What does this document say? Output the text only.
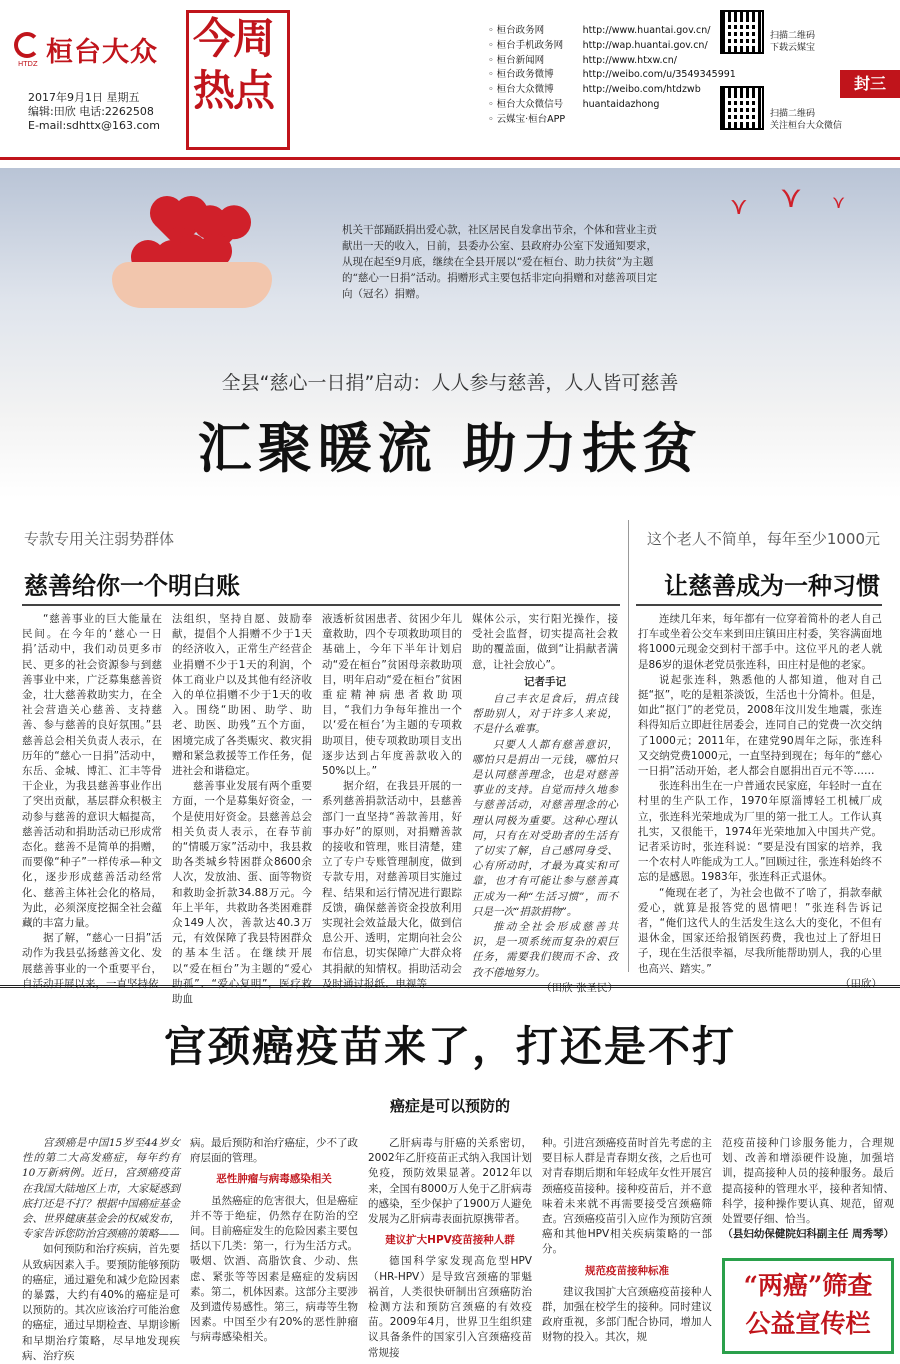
桓台大众
HTDZ
2017年9月1日 星期五
编辑:田欣 电话:2262508
E-mail:sdhttx@163.com
今周
热点
◦ 桓台政务网	http://www.huantai.gov.cn/
◦ 桓台手机政务网	http://wap.huantai.gov.cn/
◦ 桓台新闻网	http://www.htxw.cn/
◦ 桓台政务微博	http://weibo.com/u/3549345991
◦ 桓台大众微博	http://weibo.com/htdzwb
◦ 桓台大众微信号	huantaidazhong
◦ 云媒宝·桓台APP
扫描二维码
下载云媒宝
扫描二维码
关注桓台大众微信
封三
⋎ ⋎ ⋎
机关干部踊跃捐出爱心款，社区居民自发拿出节余，个体和营业主贡献出一天的收入，日前，县委办公室、县政府办公室下发通知要求，从现在起至9月底，继续在全县开展以“爱在桓台、助力扶贫”为主题的“慈心一日捐”活动。捐赠形式主要包括非定向捐赠和对慈善项目定向（冠名）捐赠。
全县“慈心一日捐”启动：人人参与慈善，人人皆可慈善
汇聚暖流 助力扶贫
专款专用关注弱势群体
慈善给你一个明白账

“慈善事业的巨大能量在民间。在今年的‘慈心一日捐’活动中，我们动员更多市民、更多的社会资源参与到慈善事业中来，广泛募集慈善资金，壮大慈善救助实力，在全社会营造关心慈善、支持慈善、参与慈善的良好氛围。”县慈善总会相关负责人表示，在历年的“慈心一日捐”活动中，东岳、金城、博汇、汇丰等骨干企业，为我县慈善事业作出了突出贡献，基层群众积极主动参与慈善的意识大幅提高，慈善活动和捐助活动已形成常态化。慈善不是简单的捐赠，而要像“种子”一样传承—种文化，逐步形成慈善活动经常化、慈善主体社会化的格局，为此，必须深度挖掘全社会蕴藏的丰富力量。

据了解，“慈心一日捐”活动作为我县弘扬慈善文化、发展慈善事业的一个重要平台，自活动开展以来，一直坚持依

法组织，坚持自愿、鼓励奉献，提倡个人捐赠不少于1天的经济收入，正常生产经营企业捐赠不少于1天的利润，个体工商业户以及其他有经济收入的单位捐赠不少于1天的收入。围绕“助困、助学、助老、助医、助残”五个方面，困境完成了各类赈灾、救灾捐赠和紧急救援等工作任务，促进社会和谐稳定。

慈善事业发展有两个重要方面，一个是募集好资金，一个是使用好资金。县慈善总会相关负责人表示，在春节前的“情暖万家”活动中，我县救助各类城乡特困群众8600余人次，发放油、蛋、面等物资和救助金折款34.88万元。今年上半年，共救助各类困难群众149人次，善款达40.3万元，有效保障了我县特困群众的基本生活。在继续开展以“爱在桓台”为主题的“爱心助孤”、“爱心复明”，医疗救助血

液透析贫困患者、贫困少年儿童救助，四个专项救助项目的基础上，今年下半年计划启动“爱在桓台”贫困母亲救助项目，明年启动“爱在桓台”贫困重症精神病患者救助项目，“我们力争每年推出一个以‘爱在桓台’为主题的专项救助项目，使专项救助项目支出逐步达到占年度善款收入的50%以上。”

据介绍，在我县开展的一系列慈善捐款活动中，县慈善部门一直坚持“善款善用，好事办好”的原则，对捐赠善款的接收和管理，账目清楚，建立了专户专账管理制度，做到专款专用，对慈善项目实施过程、结果和运行情况进行跟踪反馈，确保慈善资金投放利用实现社会效益最大化，做到信息公开、透明，定期向社会公布信息，切实保障广大群众将其捐献的知情权。捐助活动会及时通过报纸、电视等

媒体公示，实行阳光操作，接受社会监督，切实提高社会救助的覆盖面，做到“让捐献者满意，让社会放心”。

记者手记

自己丰衣足食后，捐点钱帮助别人，对于许多人来说，不是什么难事。

只要人人都有慈善意识，哪怕只是捐出一元钱，哪怕只是认同慈善理念，也是对慈善事业的支持。自觉而持久地参与慈善活动，对慈善理念的心理认同极为重要。这种心理认同，只有在对受助者的生活有了切实了解，自己感同身受、心有所动时，才最为真实和可靠，也才有可能让参与慈善真正成为一种“生活习惯”，而不只是一次“捐款捐物”。

推动全社会形成慈善共识，是一项系统而复杂的艰巨任务，需要我们锲而不舍、孜孜不倦地努力。

（田欣 张圣民）

这个老人不简单，每年至少1000元
让慈善成为一种习惯

连续几年来，每年都有一位穿着简朴的老人自己打车或坐着公交车来到田庄镇田庄村委，笑容满面地将1000元现金交到村干部手中。这位平凡的老人就是86岁的退休老党员张连科，田庄村是他的老家。

说起张连科，熟悉他的人都知道，他对自己挺“抠”，吃的是粗茶淡饭，生活也十分简朴。但是，如此“抠门”的老党员，2008年汶川发生地震，张连科得知后立即赶往居委会，连同自己的党费一次交纳了1000元；2011年，在建党90周年之际，张连科又交纳党费1000元，一直坚持到现在；每年的“慈心一日捐”活动开始，老人都会自愿捐出百元不等……

张连科出生在一户普通农民家庭，年轻时一直在村里的生产队工作，1970年原淄博轻工机械厂成立，张连科光荣地成为厂里的第一批工人。工作认真扎实，又很能干，1974年光荣地加入中国共产党。记者采访时，张连科说：“要是没有国家的培养，我一个农村人咋能成为工人。”回顾过往，张连科始终不忘的是感恩。1983年，张连科正式退休。

“俺现在老了，为社会也做不了啥了，捐款奉献爱心，就算是报答党的恩情吧！”张连科告诉记者，“俺们这代人的生活发生这么大的变化，不但有退休金，国家还给报销医药费，我也过上了舒坦日子，现在生活很幸福，尽我所能帮助别人，我的心里也高兴、踏实。”

（田欣）

宫颈癌疫苗来了，打还是不打
癌症是可以预防的

宫颈癌是中国15岁至44岁女性的第二大高发癌症，每年约有10万新病例。近日，宫颈癌疫苗在我国大陆地区上市，大家疑惑到底打还是不打？根据中国癌症基金会、世界健康基金会的权威发布，专家告诉您防治宫颈癌的策略——

如何预防和治疗疾病，首先要从致病因素入手。要预防能够预防的癌症，通过避免和减少危险因素的暴露，大约有40%的癌症是可以预防的。其次应该治疗可能治愈的癌症，通过早期检查、早期诊断和早期治疗策略，尽早地发现疾病、治疗疾

病。最后预防和治疗癌症，少不了政府层面的管理。

恶性肿瘤与病毒感染相关

虽然癌症的危害很大，但是癌症并不等于绝症，仍然存在防治的空间。目前癌症发生的危险因素主要包括以下几类：第一，行为生活方式。吸烟、饮酒、高脂饮食、少动、焦虑、紧张等等因素是癌症的发病因素。第二，机体因素。这部分主要涉及到遗传易感性。第三，病毒等生物因素。中国至少有20%的恶性肿瘤与病毒感染相关。

乙肝病毒与肝癌的关系密切，2002年乙肝疫苗正式纳入我国计划免疫，预防效果显著。2012年以来，全国有8000万人免于乙肝病毒的感染，至少保护了1900万人避免发展为乙肝病毒表面抗原携带者。

建议扩大HPV疫苗接种人群

德国科学家发现高危型HPV（HR-HPV）是导致宫颈癌的罪魁祸首，人类很快研制出宫颈癌防治检测方法和预防宫颈癌的有效疫苗。2009年4月，世界卫生组织建议具备条件的国家引入宫颈癌疫苗常规接

种。引进宫颈癌疫苗时首先考虑的主要目标人群是青春期女孩，之后也可对青春期后期和年轻成年女性开展宫颈癌疫苗接种。接种疫苗后，并不意味着未来就不再需要接受宫颈癌筛查。宫颈癌疫苗引入应作为预防宫颈癌和其他HPV相关疾病策略的一部分。

规范疫苗接种标准

建议我国扩大宫颈癌疫苗接种人群，加强在校学生的接种。同时建议政府重视，多部门配合协同，增加人财物的投入。其次，规

范疫苗接种门诊服务能力，合理规划、改善和增添硬件设施，加强培训，提高接种人员的接种服务。最后提高接种的管理水平，接种者知情、科学，接种操作要认真、规范，留观处置要仔细、恰当。

（县妇幼保健院妇科副主任 周秀琴）

“两癌”筛查
公益宣传栏
